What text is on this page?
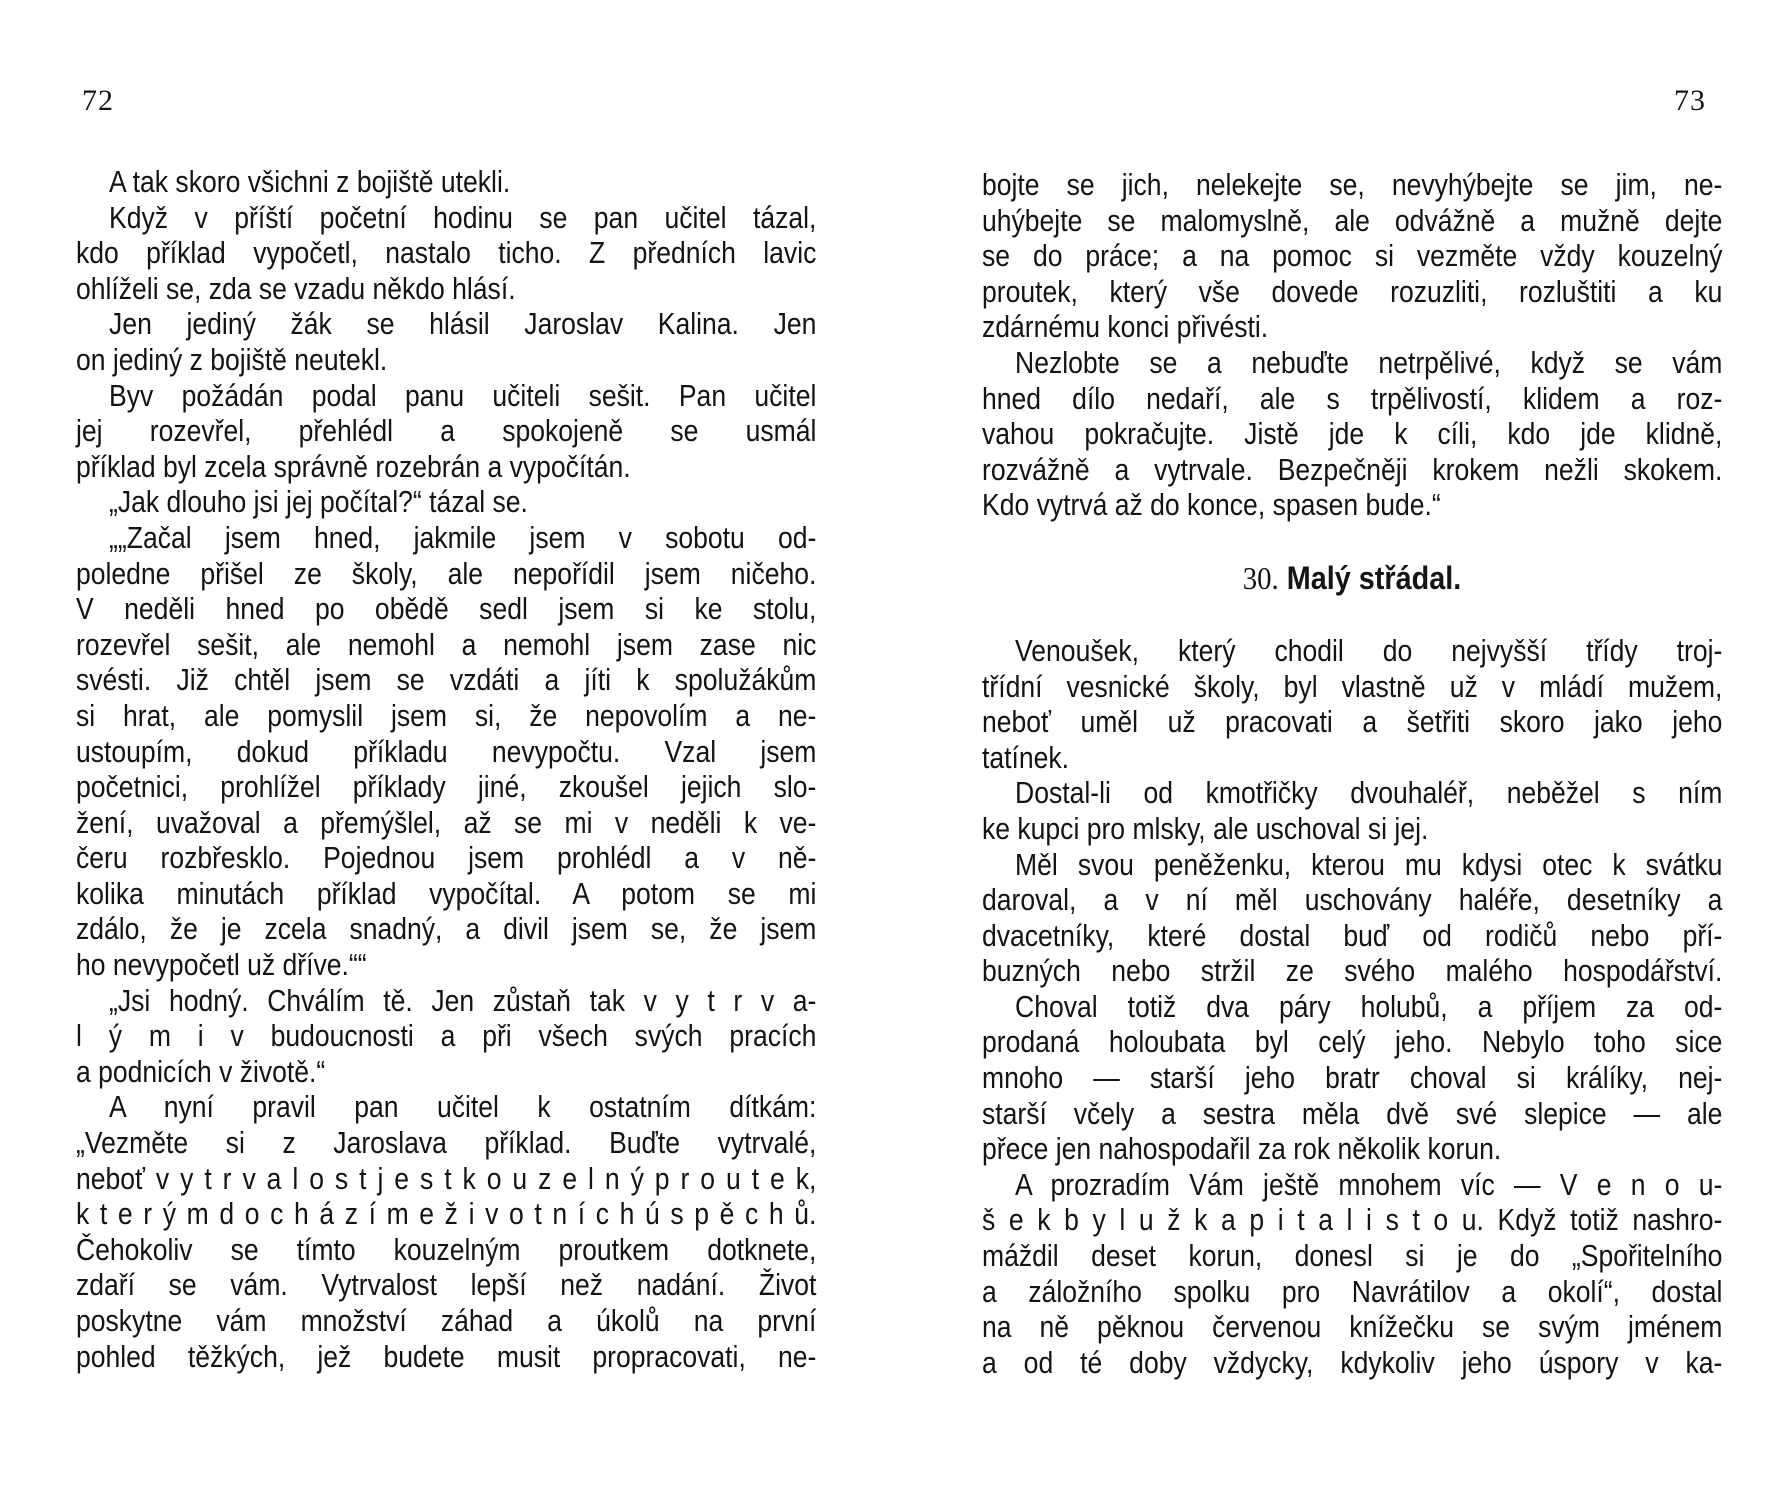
72	73
A tak skoro všichni z bojiště utekli.
Když v příští početní hodinu se pan učitel tázal,
kdo příklad vypočetl, nastalo ticho. Z předních lavic
ohlíželi se, zda se vzadu někdo hlásí.
Jen jediný žák se hlásil Jaroslav Kalina. Jen
on jediný z bojiště neutekl.
Byv požádán podal panu učiteli sešit. Pan učitel
jej rozevřel, přehlédl a spokojeně se usmál
příklad byl zcela správně rozebrán a vypočítán.
„Jak dlouho jsi jej počítal?“ tázal se.
„„Začal jsem hned, jakmile jsem v sobotu od-
poledne přišel ze školy, ale nepořídil jsem ničeho.
V neděli hned po obědě sedl jsem si ke stolu,
rozevřel sešit, ale nemohl a nemohl jsem zase nic
svésti. Již chtěl jsem se vzdáti a jíti k spolužákům
si hrat, ale pomyslil jsem si, že nepovolím a ne-
ustoupím, dokud příkladu nevypočtu. Vzal jsem
početnici, prohlížel příklady jiné, zkoušel jejich slo-
žení, uvažoval a přemýšlel, až se mi v neděli k ve-
čeru rozbřesklo. Pojednou jsem prohlédl a v ně-
kolika minutách příklad vypočítal. A potom se mi
zdálo, že je zcela snadný, a divil jsem se, že jsem
ho nevypočetl už dříve.““
„Jsi hodný. Chválím tě. Jen zůstaň tak v y t r v a-
l ý m i v budoucnosti a při všech svých pracích
a podnicích v životě.“
A nyní pravil pan učitel k ostatním dítkám:
„Vezměte si z Jaroslava příklad. Buďte vytrvalé,
neboť v y t r v a l o s t j e s t k o u z e l n ý p r o u t e k,
k t e r ý m d o c h á z í m e ž i v o t n í c h ú s p ě c h ů.
Čehokoliv se tímto kouzelným proutkem dotknete,
zdaří se vám. Vytrvalost lepší než nadání. Život
poskytne vám množství záhad a úkolů na první
pohled těžkých, jež budete musit propracovati, ne-
bojte se jich, nelekejte se, nevyhýbejte se jim, ne-
uhýbejte se malomyslně, ale odvážně a mužně dejte
se do práce; a na pomoc si vezměte vždy kouzelný
proutek, který vše dovede rozuzliti, rozluštiti a ku
zdárnému konci přivésti.
Nezlobte se a nebuďte netrpělivé, když se vám
hned dílo nedaří, ale s trpělivostí, klidem a roz-
vahou pokračujte. Jistě jde k cíli, kdo jde klidně,
rozvážně a vytrvale. Bezpečněji krokem nežli skokem.
Kdo vytrvá až do konce, spasen bude.“
30. Malý střádal.
Venoušek, který chodil do nejvyšší třídy troj-
třídní vesnické školy, byl vlastně už v mládí mužem,
neboť uměl už pracovati a šetřiti skoro jako jeho
tatínek.
Dostal-li od kmotřičky dvouhaléř, neběžel s ním
ke kupci pro mlsky, ale uschoval si jej.
Měl svou peněženku, kterou mu kdysi otec k svátku
daroval, a v ní měl uschovány haléře, desetníky a
dvacetníky, které dostal buď od rodičů nebo pří-
buzných nebo stržil ze svého malého hospodářství.
Choval totiž dva páry holubů, a příjem za od-
prodaná holoubata byl celý jeho. Nebylo toho sice
mnoho — starší jeho bratr choval si králíky, nej-
starší včely a sestra měla dvě své slepice — ale
přece jen nahospodařil za rok několik korun.
A prozradím Vám ještě mnohem víc — V e n o u-
š e k b y l u ž k a p i t a l i s t o u. Když totiž nashro-
máždil deset korun, donesl si je do „Spořitelního
a záložního spolku pro Navrátilov a okolí“, dostal
na ně pěknou červenou knížečku se svým jménem
a od té doby vždycky, kdykoliv jeho úspory v ka-
